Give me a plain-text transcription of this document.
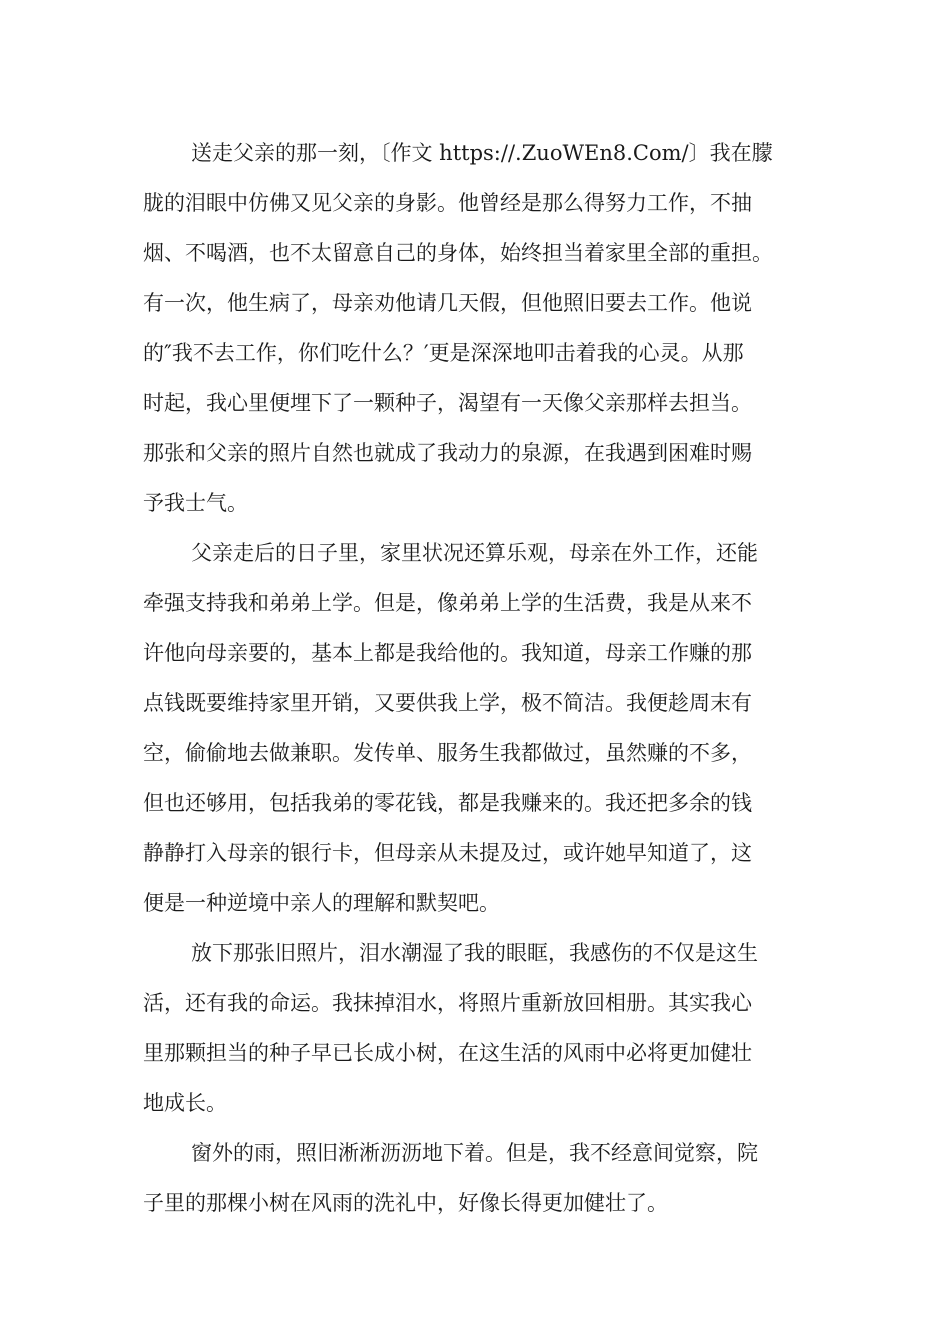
送走父亲的那一刻，〔作文 https://.ZuoWEn8.Com/〕我在朦
胧的泪眼中仿佛又见父亲的身影。他曾经是那么得努力工作，不抽
烟、不喝酒，也不太留意自己的身体，始终担当着家里全部的重担。
有一次，他生病了，母亲劝他请几天假，但他照旧要去工作。他说
的″我不去工作，你们吃什么？′更是深深地叩击着我的心灵。从那
时起，我心里便埋下了一颗种子，渴望有一天像父亲那样去担当。
那张和父亲的照片自然也就成了我动力的泉源，在我遇到困难时赐
予我士气。
父亲走后的日子里，家里状况还算乐观，母亲在外工作，还能
牵强支持我和弟弟上学。但是，像弟弟上学的生活费，我是从来不
许他向母亲要的，基本上都是我给他的。我知道，母亲工作赚的那
点钱既要维持家里开销，又要供我上学，极不简洁。我便趁周末有
空，偷偷地去做兼职。发传单、服务生我都做过，虽然赚的不多，
但也还够用，包括我弟的零花钱，都是我赚来的。我还把多余的钱
静静打入母亲的银行卡，但母亲从未提及过，或许她早知道了，这
便是一种逆境中亲人的理解和默契吧。
放下那张旧照片，泪水潮湿了我的眼眶，我感伤的不仅是这生
活，还有我的命运。我抹掉泪水，将照片重新放回相册。其实我心
里那颗担当的种子早已长成小树，在这生活的风雨中必将更加健壮
地成长。
窗外的雨，照旧淅淅沥沥地下着。但是，我不经意间觉察，院
子里的那棵小树在风雨的洗礼中，好像长得更加健壮了。
